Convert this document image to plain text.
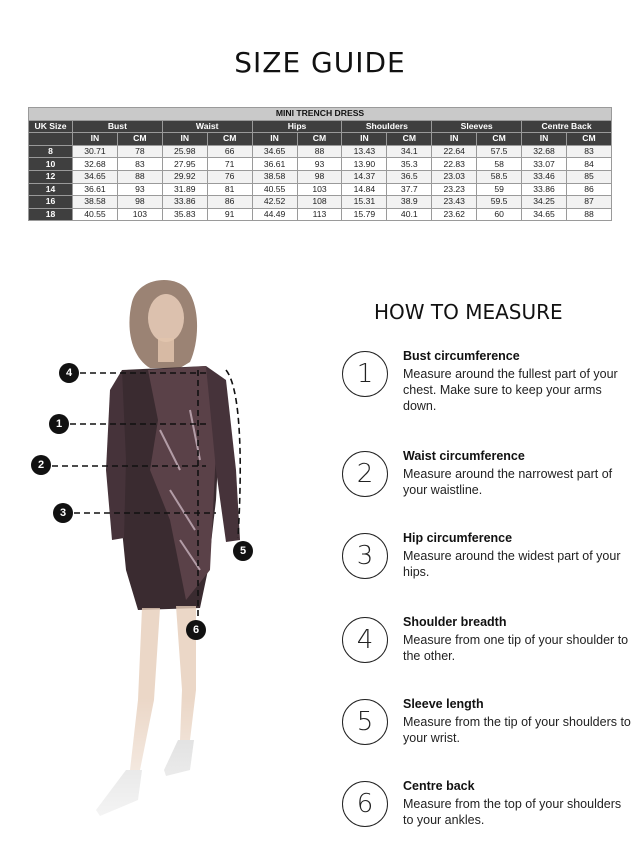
SIZE GUIDE
MINI TRENCH DRESS												
UK Size	Bust		Waist		Hips		Shoulders		Sleeves		Centre Back	
	IN	CM	IN	CM	IN	CM	IN	CM	IN	CM	IN	CM
8	30.71	78	25.98	66	34.65	88	13.43	34.1	22.64	57.5	32.68	83
10	32.68	83	27.95	71	36.61	93	13.90	35.3	22.83	58	33.07	84
12	34.65	88	29.92	76	38.58	98	14.37	36.5	23.03	58.5	33.46	85
14	36.61	93	31.89	81	40.55	103	14.84	37.7	23.23	59	33.86	86
16	38.58	98	33.86	86	42.52	108	15.31	38.9	23.43	59.5	34.25	87
18	40.55	103	35.83	91	44.49	113	15.79	40.1	23.62	60	34.65	88
4
1
2
3
5
6
HOW TO MEASURE
1
Bust circumference
Measure around the fullest part of your chest. Make sure to keep your arms down.
2
Waist circumference
Measure around the narrowest part of your waistline.
3
Hip circumference
Measure around the widest part of your hips.
4
Shoulder breadth
Measure from one tip of your shoulder to the other.
5
Sleeve length
Measure from the tip of your shoulders to your wrist.
6
Centre back
Measure from the top of your shoulders to your ankles.
